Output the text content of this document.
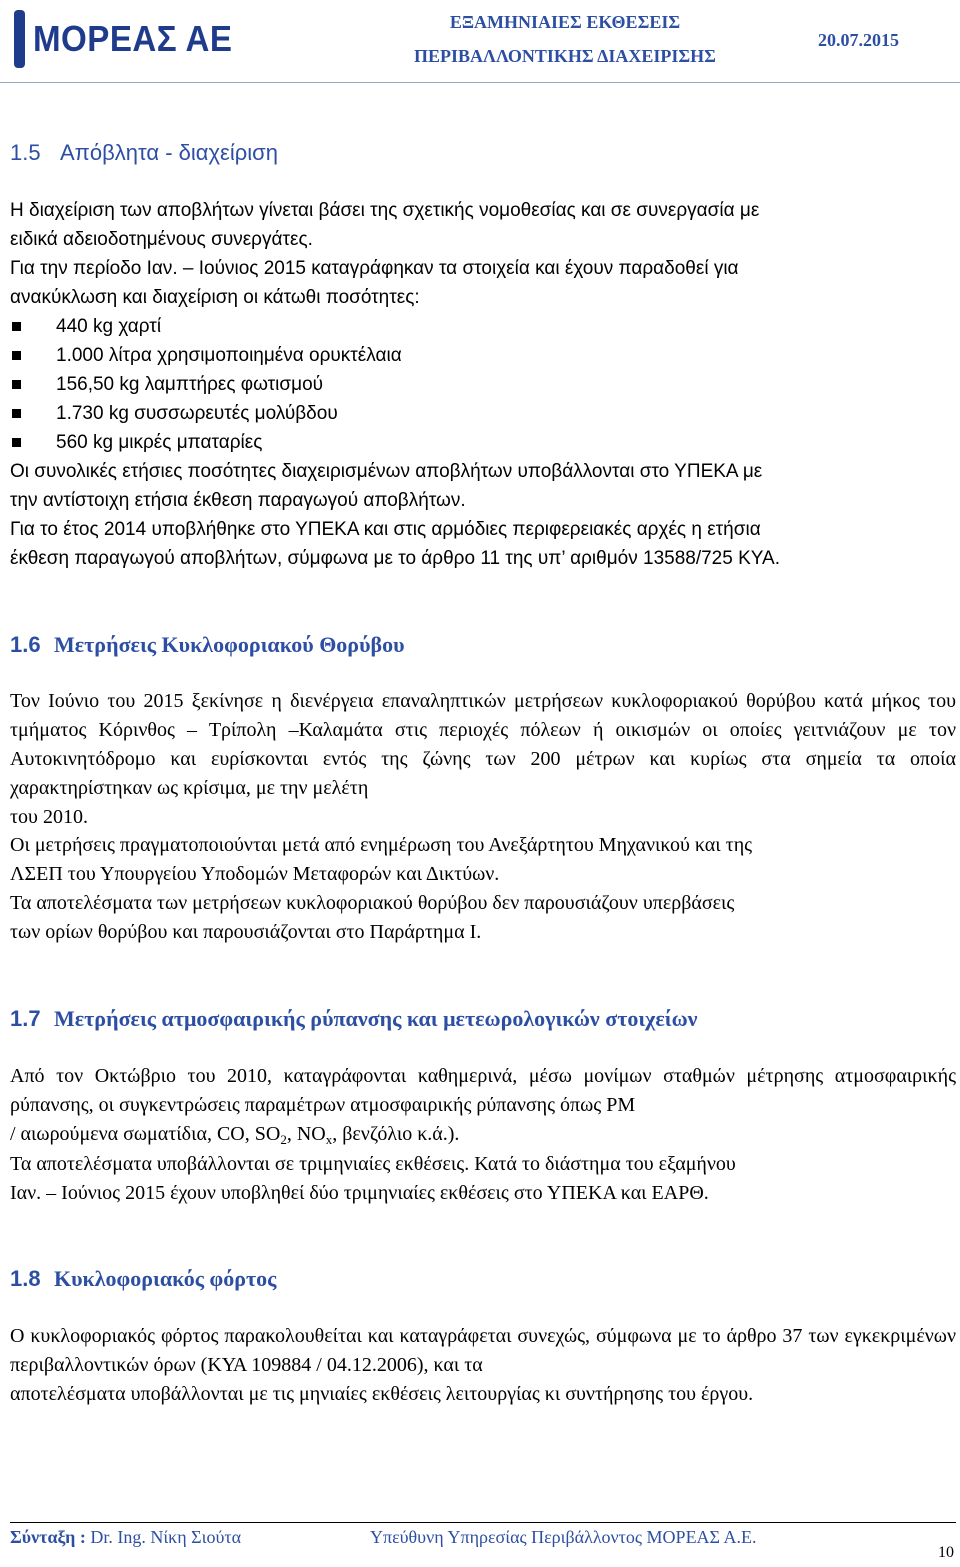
ΜΟΡΕΑΣ ΑΕ	ΕΞΑΜΗΝΙΑΙΕΣ ΕΚΘΕΣΕΙΣ
ΠΕΡΙΒΑΛΛΟΝΤΙΚΗΣ ΔΙΑΧΕΙΡΙΣΗΣ
20.07.2015
1.5 Απόβλητα - διαχείριση

Η διαχείριση των αποβλήτων γίνεται βάσει της σχετικής νομοθεσίας και σε συνεργασία με
ειδικά αδειοδοτημένους συνεργάτες.

Για την περίοδο Ιαν. – Ιούνιος 2015 καταγράφηκαν τα στοιχεία και έχουν παραδοθεί για
ανακύκλωση και διαχείριση οι κάτωθι ποσότητες:

440 kg χαρτί
1.000 λίτρα χρησιμοποιημένα ορυκτέλαια
156,50 kg λαμπτήρες φωτισμού
1.730 kg συσσωρευτές μολύβδου
560 kg μικρές μπαταρίες

Οι συνολικές ετήσιες ποσότητες διαχειρισμένων αποβλήτων υποβάλλονται στο ΥΠΕΚΑ με
την αντίστοιχη ετήσια έκθεση παραγωγού αποβλήτων.

Για το έτος 2014 υποβλήθηκε στο ΥΠΕΚΑ και στις αρμόδιες περιφερειακές αρχές η ετήσια
έκθεση παραγωγού αποβλήτων, σύμφωνα με το άρθρο 11 της υπ’ αριθμόν 13588/725 ΚΥΑ.

1.6 Μετρήσεις Κυκλοφοριακού Θορύβου

Τον Ιούνιο του 2015 ξεκίνησε η διενέργεια επαναληπτικών μετρήσεων κυκλοφοριακού θορύβου κατά μήκος του τμήματος Κόρινθος – Τρίπολη –Καλαμάτα στις περιοχές πόλεων ή οικισμών οι οποίες γειτνιάζουν με τον Αυτοκινητόδρομο και ευρίσκονται εντός της ζώνης των 200 μέτρων και κυρίως στα σημεία τα οποία χαρακτηρίστηκαν ως κρίσιμα, με την μελέτη
του 2010.

Οι μετρήσεις πραγματοποιούνται μετά από ενημέρωση του Ανεξάρτητου Μηχανικού και της
ΛΣΕΠ του Υπουργείου Υποδομών Μεταφορών και Δικτύων.

Τα αποτελέσματα των μετρήσεων κυκλοφοριακού θορύβου δεν παρουσιάζουν υπερβάσεις
των ορίων θορύβου και παρουσιάζονται στο Παράρτημα Ι.

1.7 Μετρήσεις ατμοσφαιρικής ρύπανσης και μετεωρολογικών στοιχείων

Από τον Οκτώβριο του 2010, καταγράφονται καθημερινά, μέσω μονίμων σταθμών μέτρησης ατμοσφαιρικής ρύπανσης, οι συγκεντρώσεις παραμέτρων ατμοσφαιρικής ρύπανσης όπως PM
/ αιωρούμενα σωματίδια, CO, $SO_2$, $NO_x$, βενζόλιο κ.ά.).

Τα αποτελέσματα υποβάλλονται σε τριμηνιαίες εκθέσεις. Κατά το διάστημα του εξαμήνου
Ιαν. – Ιούνιος 2015 έχουν υποβληθεί δύο τριμηνιαίες εκθέσεις στο ΥΠΕΚΑ και ΕΑΡΘ.

1.8 Κυκλοφοριακός φόρτος

Ο κυκλοφοριακός φόρτος παρακολουθείται και καταγράφεται συνεχώς, σύμφωνα με το άρθρο 37 των εγκεκριμένων περιβαλλοντικών όρων (ΚΥΑ 109884 / 04.12.2006), και τα
αποτελέσματα υποβάλλονται με τις μηνιαίες εκθέσεις λειτουργίας κι συντήρησης του έργου.

Σύνταξη : Dr. Ing. Νίκη Σιούτα	Υπεύθυνη Υπηρεσίας Περιβάλλοντος ΜΟΡΕΑΣ Α.Ε.
10
